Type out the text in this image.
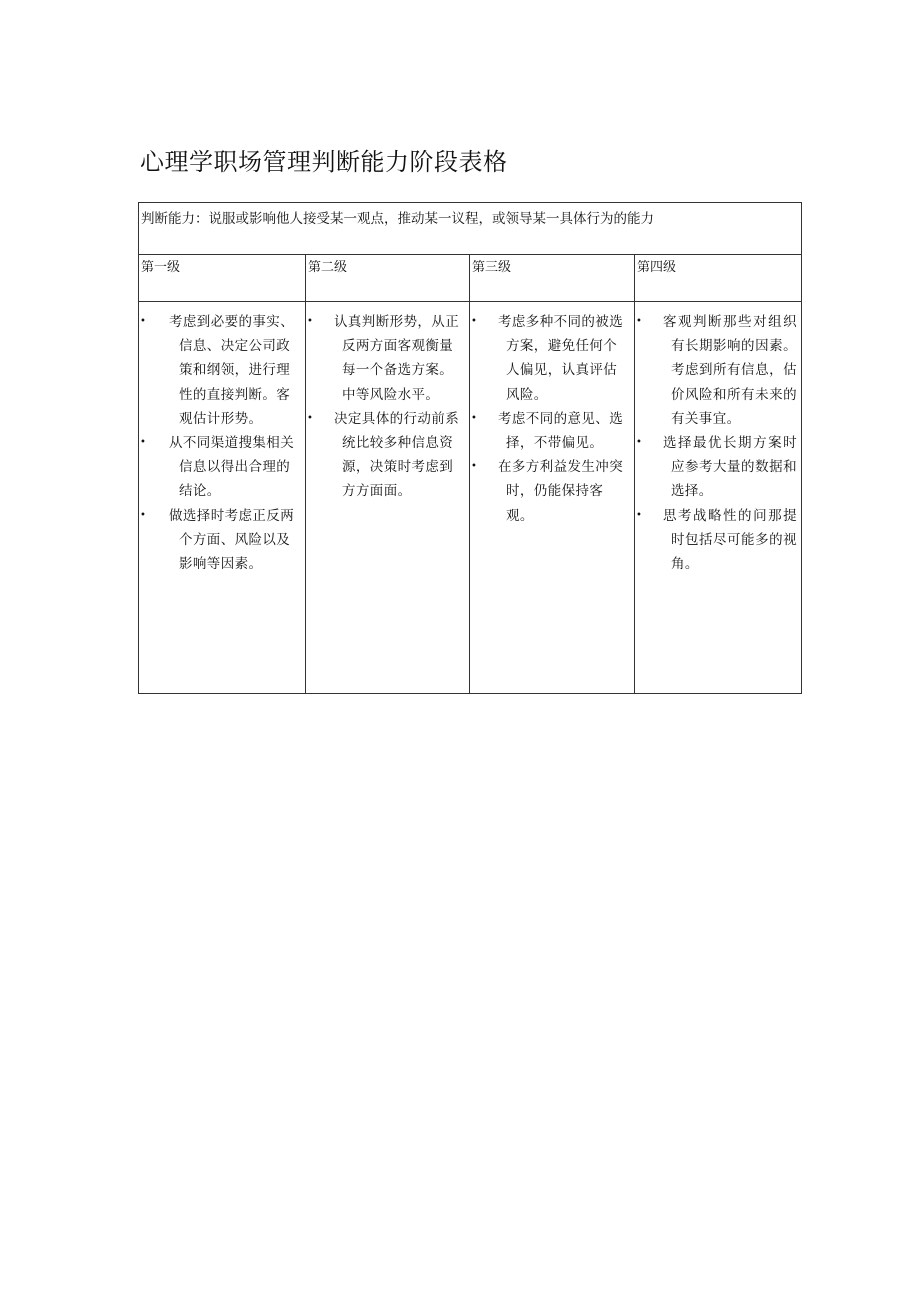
心理学职场管理判断能力阶段表格
判断能力：说服或影响他人接受某一观点，推动某一议程，或领导某一具体行为的能力
第一级
• 考虑到必要的事实、信息、决定公司政策和纲领，进行理性的直接判断。客观估计形势。
• 从不同渠道搜集相关信息以得出合理的结论。
• 做选择时考虑正反两个方面、风险以及影响等因素。
第二级
• 认真判断形势，从正反两方面客观衡量每一个备选方案。中等风险水平。
• 决定具体的行动前系统比较多种信息资源，决策时考虑到方方面面。
第三级
• 考虑多种不同的被选方案，避免任何个人偏见，认真评估风险。
• 考虑不同的意见、选择，不带偏见。
• 在多方利益发生冲突时，仍能保持客观。
第四级
• 客观判断那些对组织有长期影响的因素。考虑到所有信息，估价风险和所有未来的有关事宜。
• 选择最优长期方案时应参考大量的数据和选择。
• 思考战略性的问那提时包括尽可能多的视角。
